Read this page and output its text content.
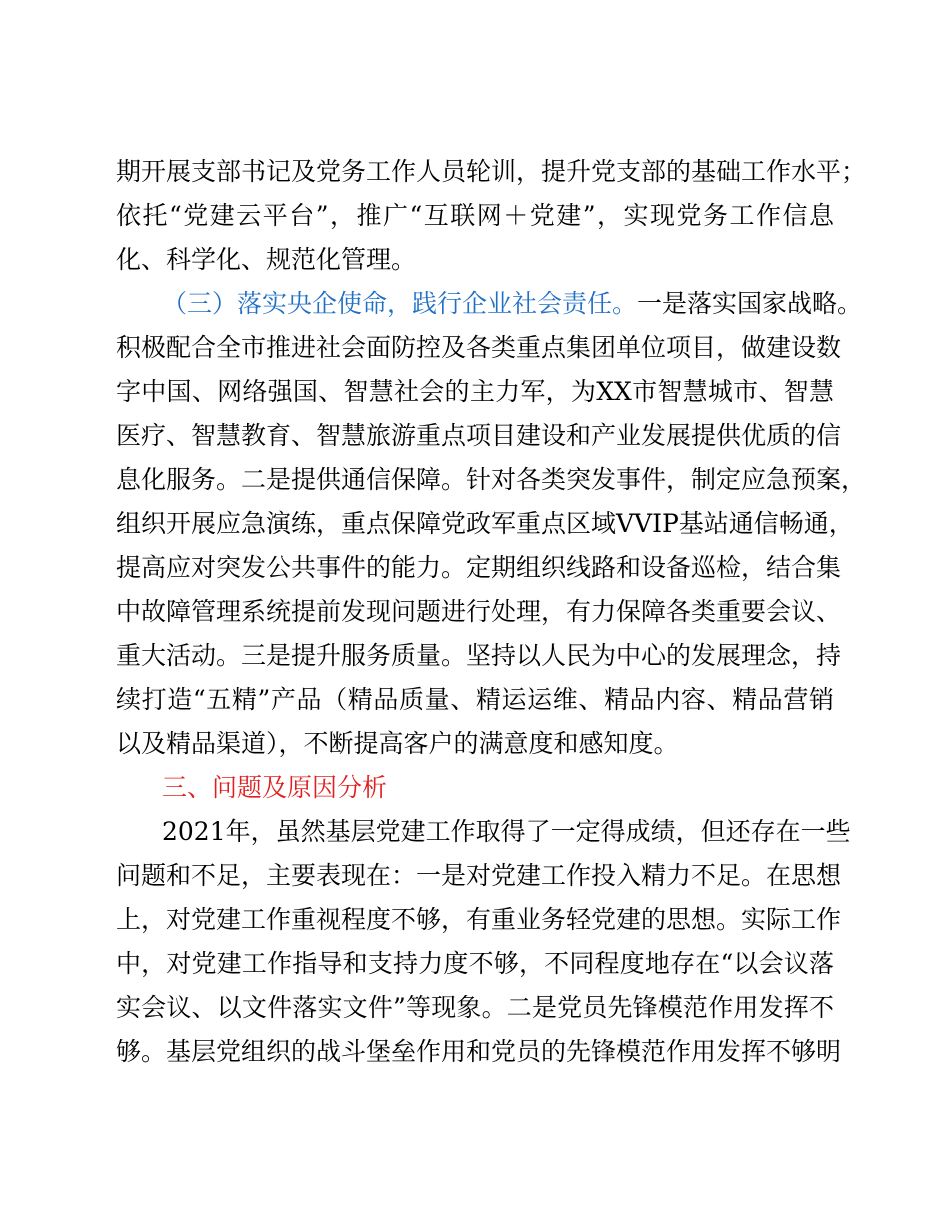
期开展支部书记及党务工作人员轮训，提升党支部的基础工作水平；
依托“党建云平台”，推广“互联网＋党建”，实现党务工作信息
化、科学化、规范化管理。
（三）落实央企使命，践行企业社会责任。一是落实国家战略。
积极配合全市推进社会面防控及各类重点集团单位项目，做建设数
字中国、网络强国、智慧社会的主力军，为XX市智慧城市、智慧
医疗、智慧教育、智慧旅游重点项目建设和产业发展提供优质的信
息化服务。二是提供通信保障。针对各类突发事件，制定应急预案，
组织开展应急演练，重点保障党政军重点区域VVIP基站通信畅通，
提高应对突发公共事件的能力。定期组织线路和设备巡检，结合集
中故障管理系统提前发现问题进行处理，有力保障各类重要会议、
重大活动。三是提升服务质量。坚持以人民为中心的发展理念，持
续打造“五精”产品（精品质量、精运运维、精品内容、精品营销
以及精品渠道），不断提高客户的满意度和感知度。
三、问题及原因分析
2021年，虽然基层党建工作取得了一定得成绩，但还存在一些
问题和不足，主要表现在：一是对党建工作投入精力不足。在思想
上，对党建工作重视程度不够，有重业务轻党建的思想。实际工作
中，对党建工作指导和支持力度不够，不同程度地存在“以会议落
实会议、以文件落实文件”等现象。二是党员先锋模范作用发挥不
够。基层党组织的战斗堡垒作用和党员的先锋模范作用发挥不够明
